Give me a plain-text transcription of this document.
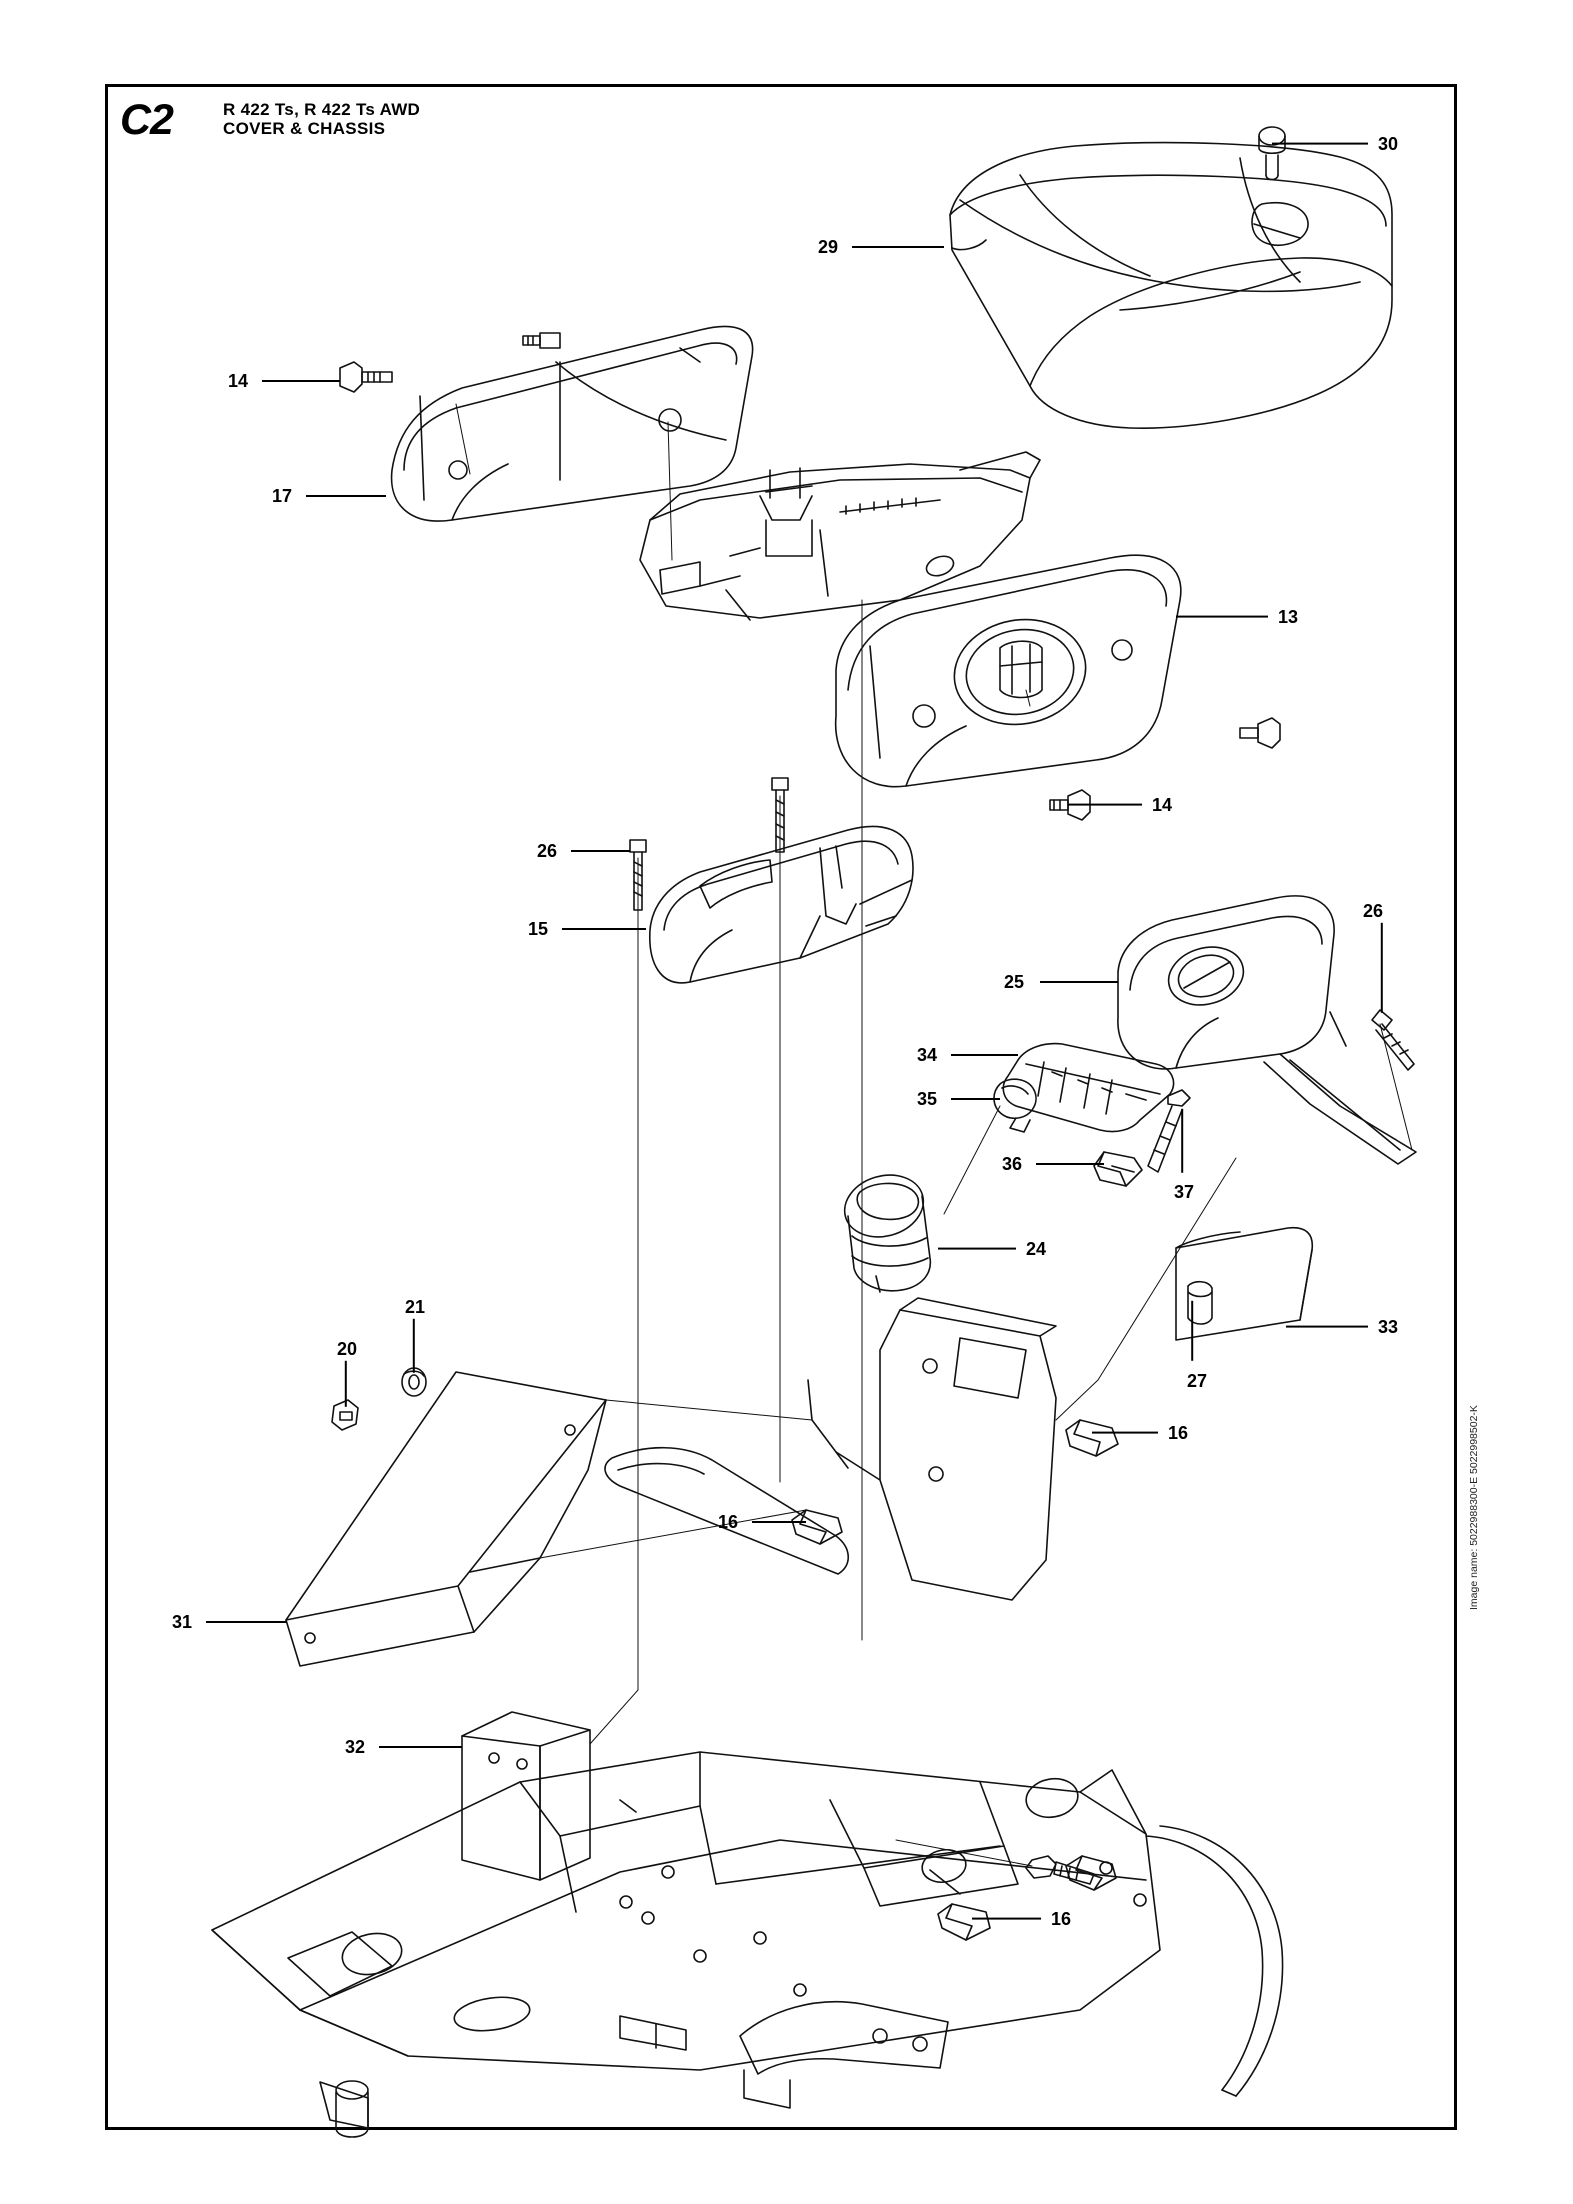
C2	R 422 Ts, R 422 Ts AWD
COVER & CHASSIS
Image name: 5022988300-E 5022998502-K
30
29
14
17
13
14
26
15
26
25
34
35
36
37
24
33
27
21
20
16
16
31
32
16
